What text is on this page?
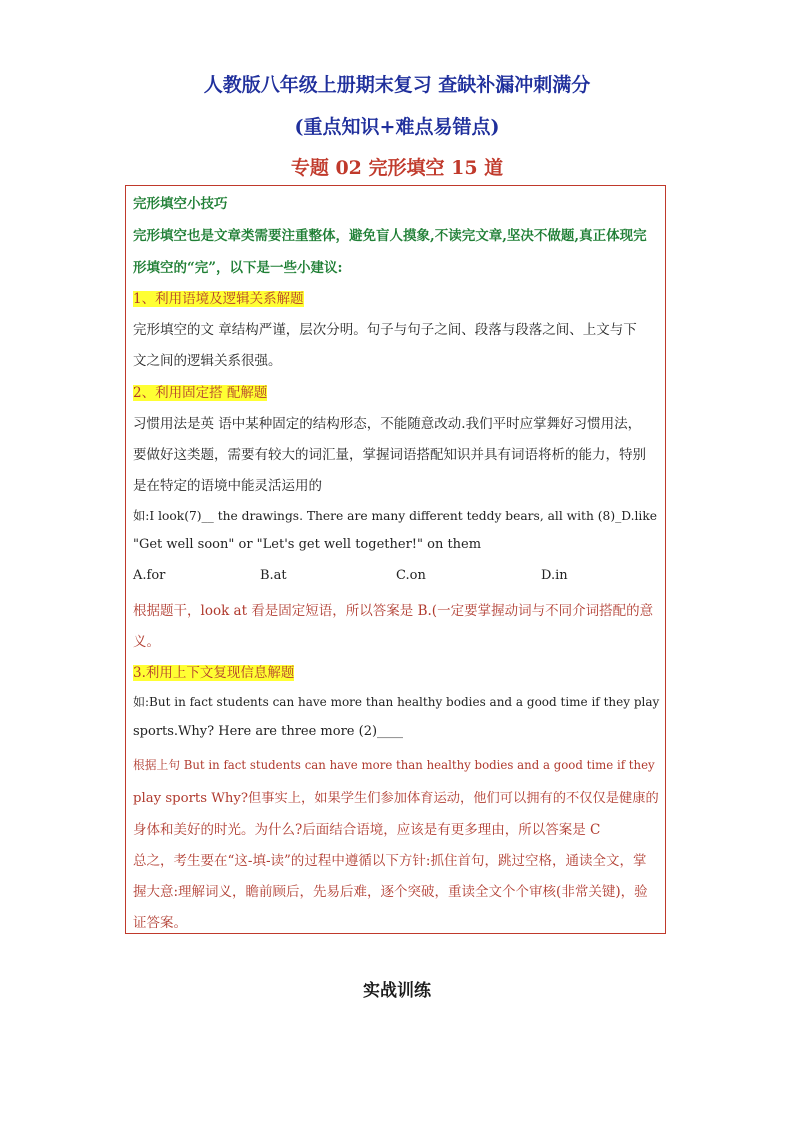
人教版八年级上册期末复习 查缺补漏冲刺满分
(重点知识+难点易错点)
专题 02 完形填空 15 道
完形填空小技巧
完形填空也是文章类需要注重整体，避免盲人摸象,不读完文章,坚决不做题,真正体现完
形填空的“完”，以下是一些小建议:
1、利用语境及逻辑关系解题
完形填空的文 章结构严谨，层次分明。句子与句子之间、段落与段落之间、上文与下
文之间的逻辑关系很强。
2、利用固定搭 配解题
习惯用法是英 语中某种固定的结构形态，不能随意改动.我们平时应掌舞好习惯用法，
要做好这类题，需要有较大的词汇量，掌握词语搭配知识并具有词语将析的能力，特别
是在特定的语境中能灵活运用的
如:I look(7)__ the drawings. There are many different teddy bears, all with (8)_D.like
"Get well soon" or "Let's get well together!" on them
A.for	B.at	C.on	D.in
根据题干，look at 看是固定短语，所以答案是 B.(一定要掌握动词与不同介词搭配的意
义。
3.利用上下文复现信息解题
如:But in fact students can have more than healthy bodies and a good time if they play
sports.Why? Here are three more (2)____
根据上句 But in fact students can have more than healthy bodies and a good time if they
play sports Why?但事实上，如果学生们参加体育运动，他们可以拥有的不仅仅是健康的
身体和美好的时光。为什么?后面结合语境，应该是有更多理由，所以答案是 C
总之，考生要在“这-填-读”的过程中遵循以下方针:抓住首句，跳过空格，通读全文，掌
握大意:理解词义，瞻前顾后，先易后难，逐个突破，重读全文个个审核(非常关键)，验
证答案。
实战训练
